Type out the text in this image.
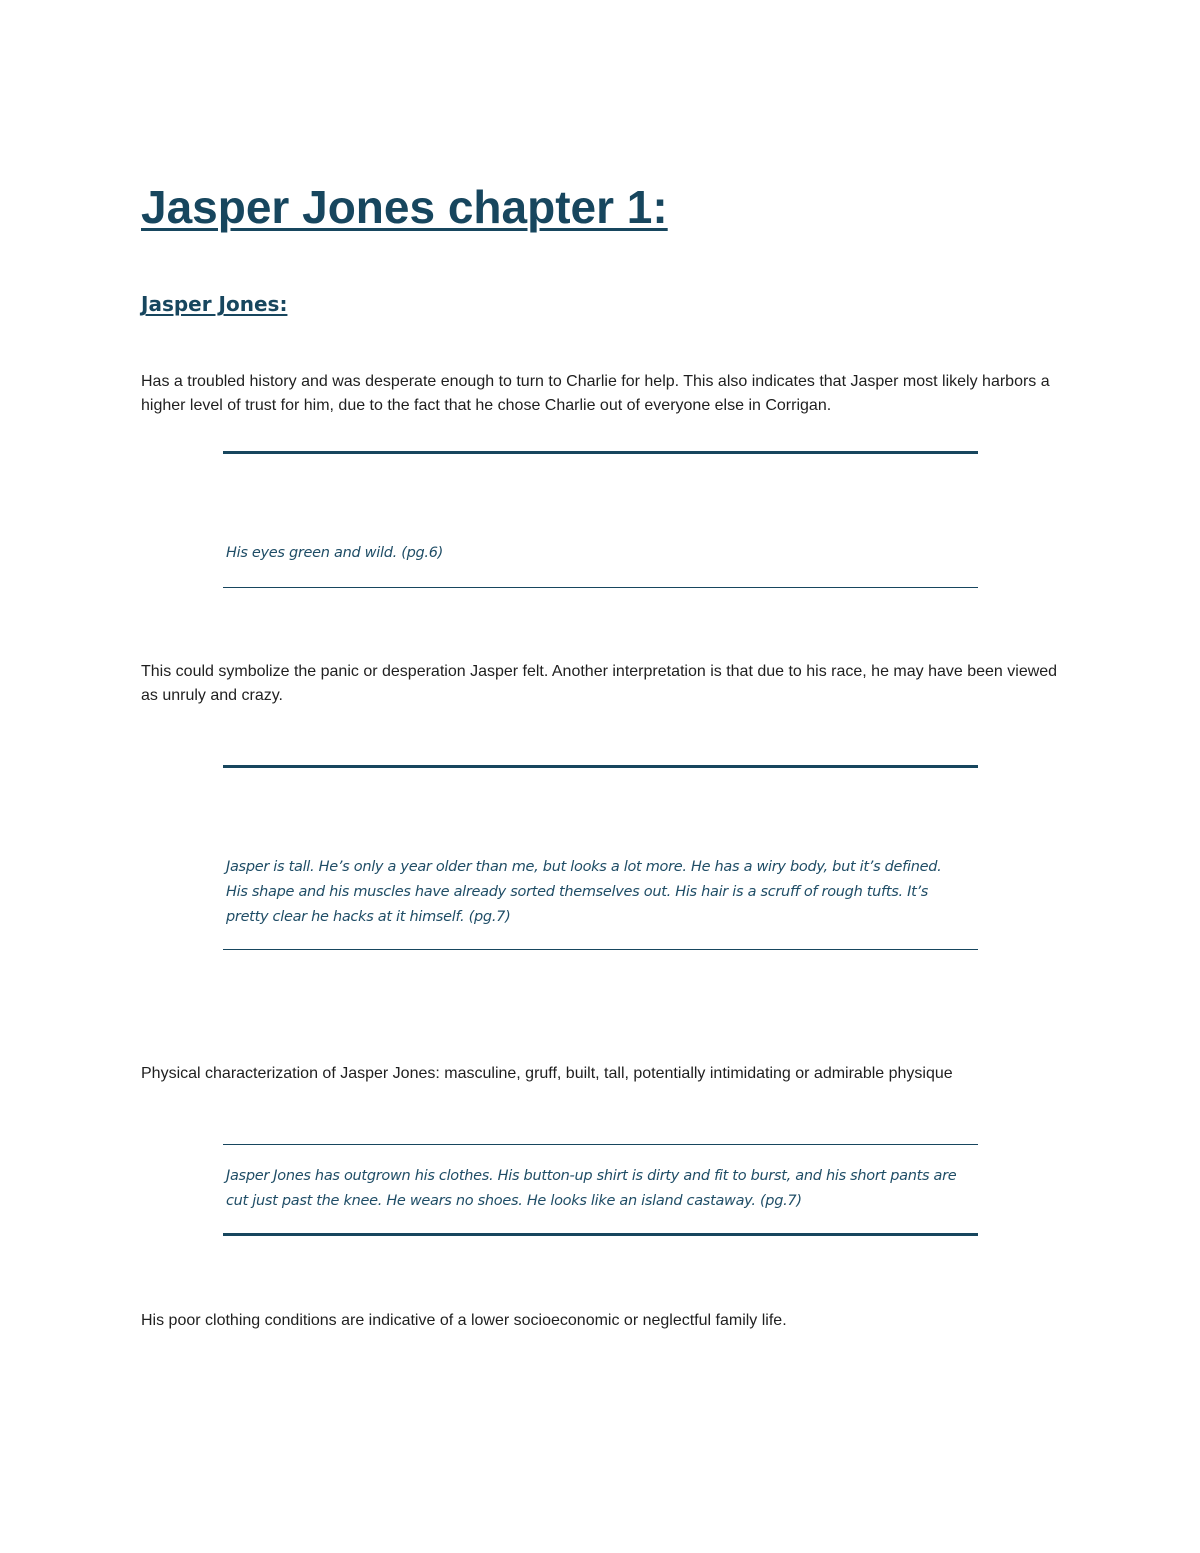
Jasper Jones chapter 1:
Jasper Jones:

Has a troubled history and was desperate enough to turn to Charlie for help. This also indicates that Jasper most likely harbors a higher level of trust for him, due to the fact that he chose Charlie out of everyone else in Corrigan.

His eyes green and wild. (pg.6)

This could symbolize the panic or desperation Jasper felt. Another interpretation is that due to his race, he may have been viewed as unruly and crazy.

Jasper is tall. He’s only a year older than me, but looks a lot more. He has a wiry body, but it’s defined. His shape and his muscles have already sorted themselves out. His hair is a scruff of rough tufts. It’s pretty clear he hacks at it himself. (pg.7)

Physical characterization of Jasper Jones: masculine, gruff, built, tall, potentially intimidating or admirable physique

Jasper Jones has outgrown his clothes. His button-up shirt is dirty and fit to burst, and his short pants are cut just past the knee. He wears no shoes. He looks like an island castaway. (pg.7)

His poor clothing conditions are indicative of a lower socioeconomic or neglectful family life.
